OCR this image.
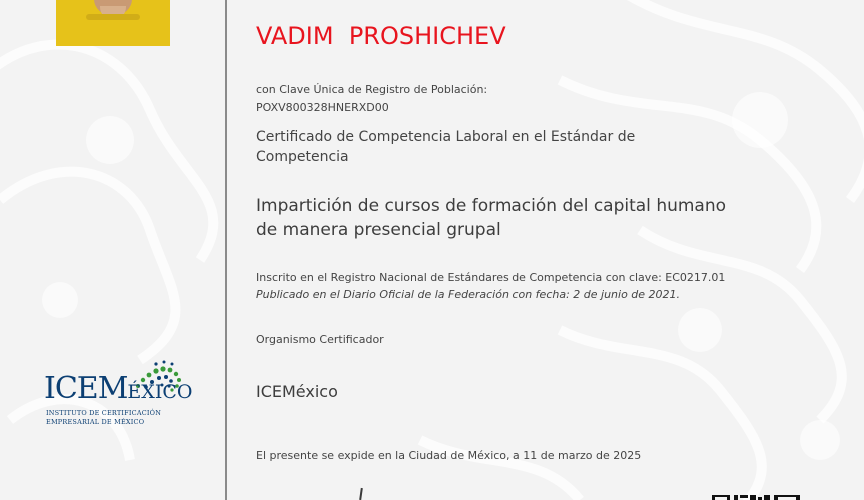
ICEMÉXICO
INSTITUTO DE CERTIFICACIÓN
EMPRESARIAL DE MÉXICO
VADIM  PROSHICHEV
con Clave Única de Registro de Población:
POXV800328HNERXD00
Certificado de Competencia Laboral en el Estándar de Competencia
Impartición de cursos de formación del capital humano de manera presencial grupal
Inscrito en el Registro Nacional de Estándares de Competencia con clave: EC0217.01
Publicado en el Diario Oficial de la Federación con fecha: 2 de junio de 2021.
Organismo Certificador
ICEMéxico
El presente se expide en la Ciudad de México, a 11 de marzo de 2025
